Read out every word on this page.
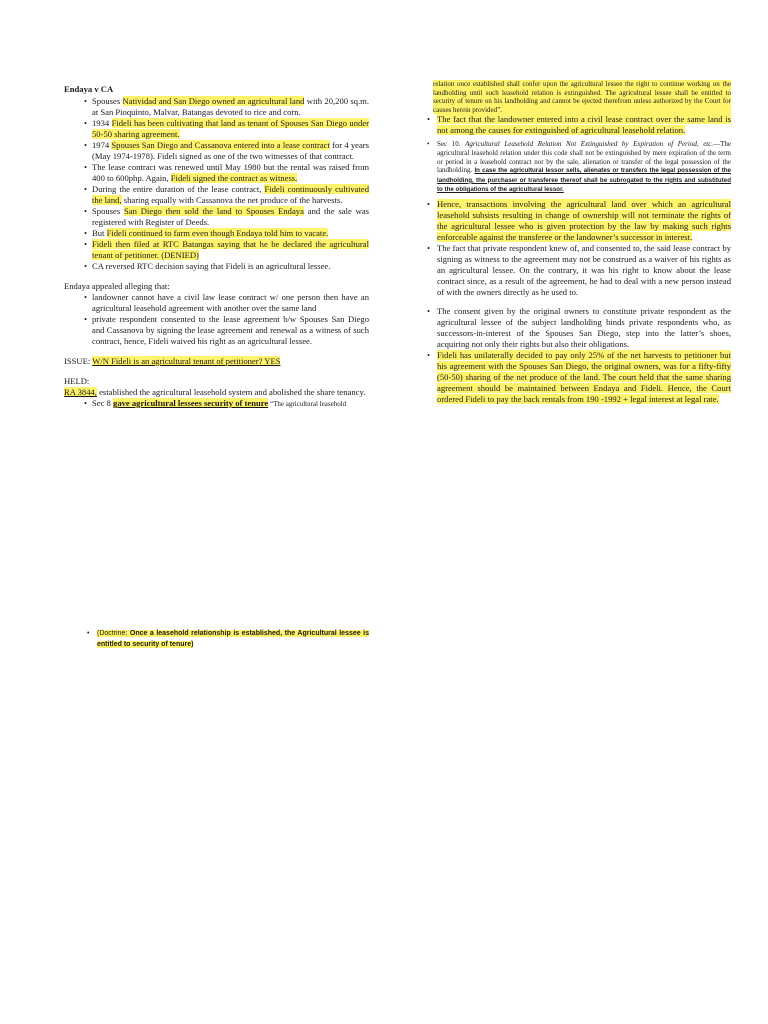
Endaya v CA
• Spouses Natividad and San Diego owned an agricultural land with 20,200 sq.m. at San Pioquinto, Malvar, Batangas devoted to rice and corn.
• 1934 Fideli has been cultivating that land as tenant of Spouses San Diego under 50-50 sharing agreement.
• 1974 Spouses San Diego and Cassanova entered into a lease contract for 4 years (May 1974-1978). Fideli signed as one of the two witnesses of that contract.
• The lease contract was renewed until May 1980 but the rental was raised from 400 to 600php. Again, Fideli signed the contract as witness.
• During the entire duration of the lease contract, Fideli continuously cultivated the land, sharing equally with Cassanova the net produce of the harvests.
• Spouses San Diego then sold the land to Spouses Endaya and the sale was registered with Register of Deeds.
• But Fideli continued to farm even though Endaya told him to vacate.
• Fideli then filed at RTC Batangas saying that he be declared the agricultural tenant of petitioner. (DENIED)
• CA reversed RTC decision saying that Fideli is an agricultural lessee.

Endaya appealed alleging that:

• landowner cannot have a civil law lease contract w/ one person then have an agricultural leasehold agreement with another over the same land
• private respondent consented to the lease agreement b/w Spouses San Diego and Cassanova by signing the lease agreement and renewal as a witness of such contract, hence, Fideli waived his right as an agricultural lessee.

ISSUE: W/N Fideli is an agricultural tenant of petitioner? YES

HELD:

RA 3844, established the agricultural leasehold system and abolished the share tenancy.

• Sec 8 gave agricultural lessees security of tenure “The agricultural leasehold
• (Doctrine: Once a leasehold relationship is established, the Agricultural lessee is entitled to security of tenure)

relation once established shall confer upon the agricultural lessee the right to continue working on the landholding until such leasehold relation is extinguished. The agricultural lessee shall be entitled to security of tenure on his landholding and cannot be ejected therefrom unless authorized by the Court for causes herein provided”.

• The fact that the landowner entered into a civil lease contract over the same land is not among the causes for extinguished of agricultural leasehold relation.
• Sec 10. Agricultural Leasehold Relation Not Extinguished by Expiration of Period, etc.—The agricultural leasehold relation under this code shall not be extinguished by mere expiration of the term or period in a leasehold contract nor by the sale, alienation or transfer of the legal possession of the landholding. In case the agricultural lessor sells, alienates or transfers the legal possession of the landholding, the purchaser or transferee thereof shall be subrogated to the rights and substituted to the obligations of the agricultural lessor.
• Hence, transactions involving the agricultural land over which an agricultural leasehold subsists resulting in change of ownership will not terminate the rights of the agricultural lessee who is given protection by the law by making such rights enforceable against the transferee or the landowner’s successor in interest.
• The fact that private respondent knew of, and consented to, the said lease contract by signing as witness to the agreement may not be construed as a waiver of his rights as an agricultural lessee. On the contrary, it was his right to know about the lease contract since, as a result of the agreement, he had to deal with a new person instead of with the owners directly as he used to.
• The consent given by the original owners to constitute private respondent as the agricultural lessee of the subject landholding binds private respondents who, as successors-in-interest of the Spouses San Diego, step into the latter’s shoes, acquiring not only their rights but also their obligations.
• Fideli has unilaterally decided to pay only 25% of the net harvests to petitioner but his agreement with the Spouses San Diego, the original owners, was for a fifty-fifty (50-50) sharing of the net produce of the land. The court held that the same sharing agreement should be maintained between Endaya and Fideli. Hence, the Court ordered Fideli to pay the back rentals from 190 -1992 + legal interest at legal rate.
